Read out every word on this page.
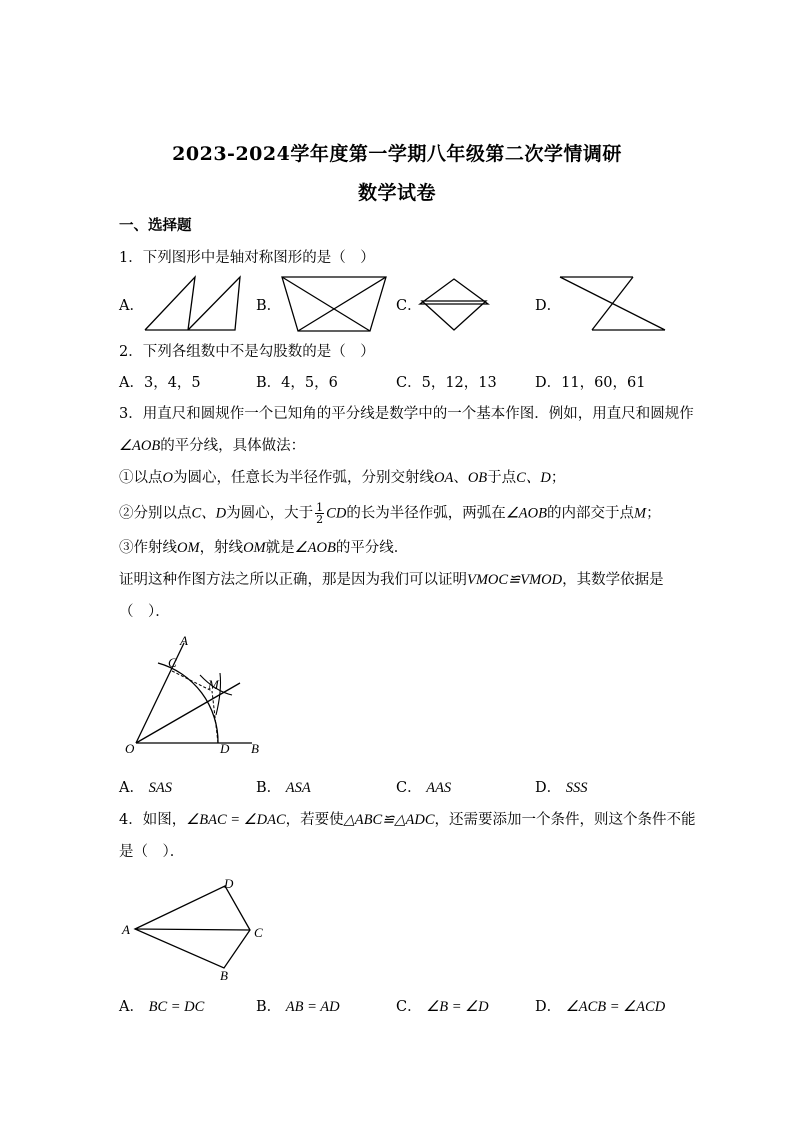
2023-2024学年度第一学期八年级第二次学情调研
数学试卷
一、选择题
1．下列图形中是轴对称图形的是（　）
A．	B．	C．	D．
2．下列各组数中不是勾股数的是（　）
A．3，4，5	B．4，5，6	C．5，12，13	D．11，60，61
3．用直尺和圆规作一个已知角的平分线是数学中的一个基本作图．例如，用直尺和圆规作
∠AOB的平分线，具体做法：
①以点O为圆心，任意长为半径作弧，分别交射线OA、OB于点C、D；
②分别以点C、D为圆心，大于 $\frac{1}{2}$ CD的长为半径作弧，两弧在∠AOB的内部交于点M；
③作射线OM，射线OM就是∠AOB的平分线．
证明这种作图方法之所以正确，那是因为我们可以证明VMOC≌VMOD，其数学依据是
（　）．
A
C
M
O	D B
A． SAS	B． ASA	C． AAS	D． SSS
4．如图，∠BAC = ∠DAC，若要使△ABC≌△ADC，还需要添加一个条件，则这个条件不能
是（　）．
A
D
C
B
A． BC = DC	B． AB = AD	C． ∠B = ∠D	D． ∠ACB = ∠ACD
